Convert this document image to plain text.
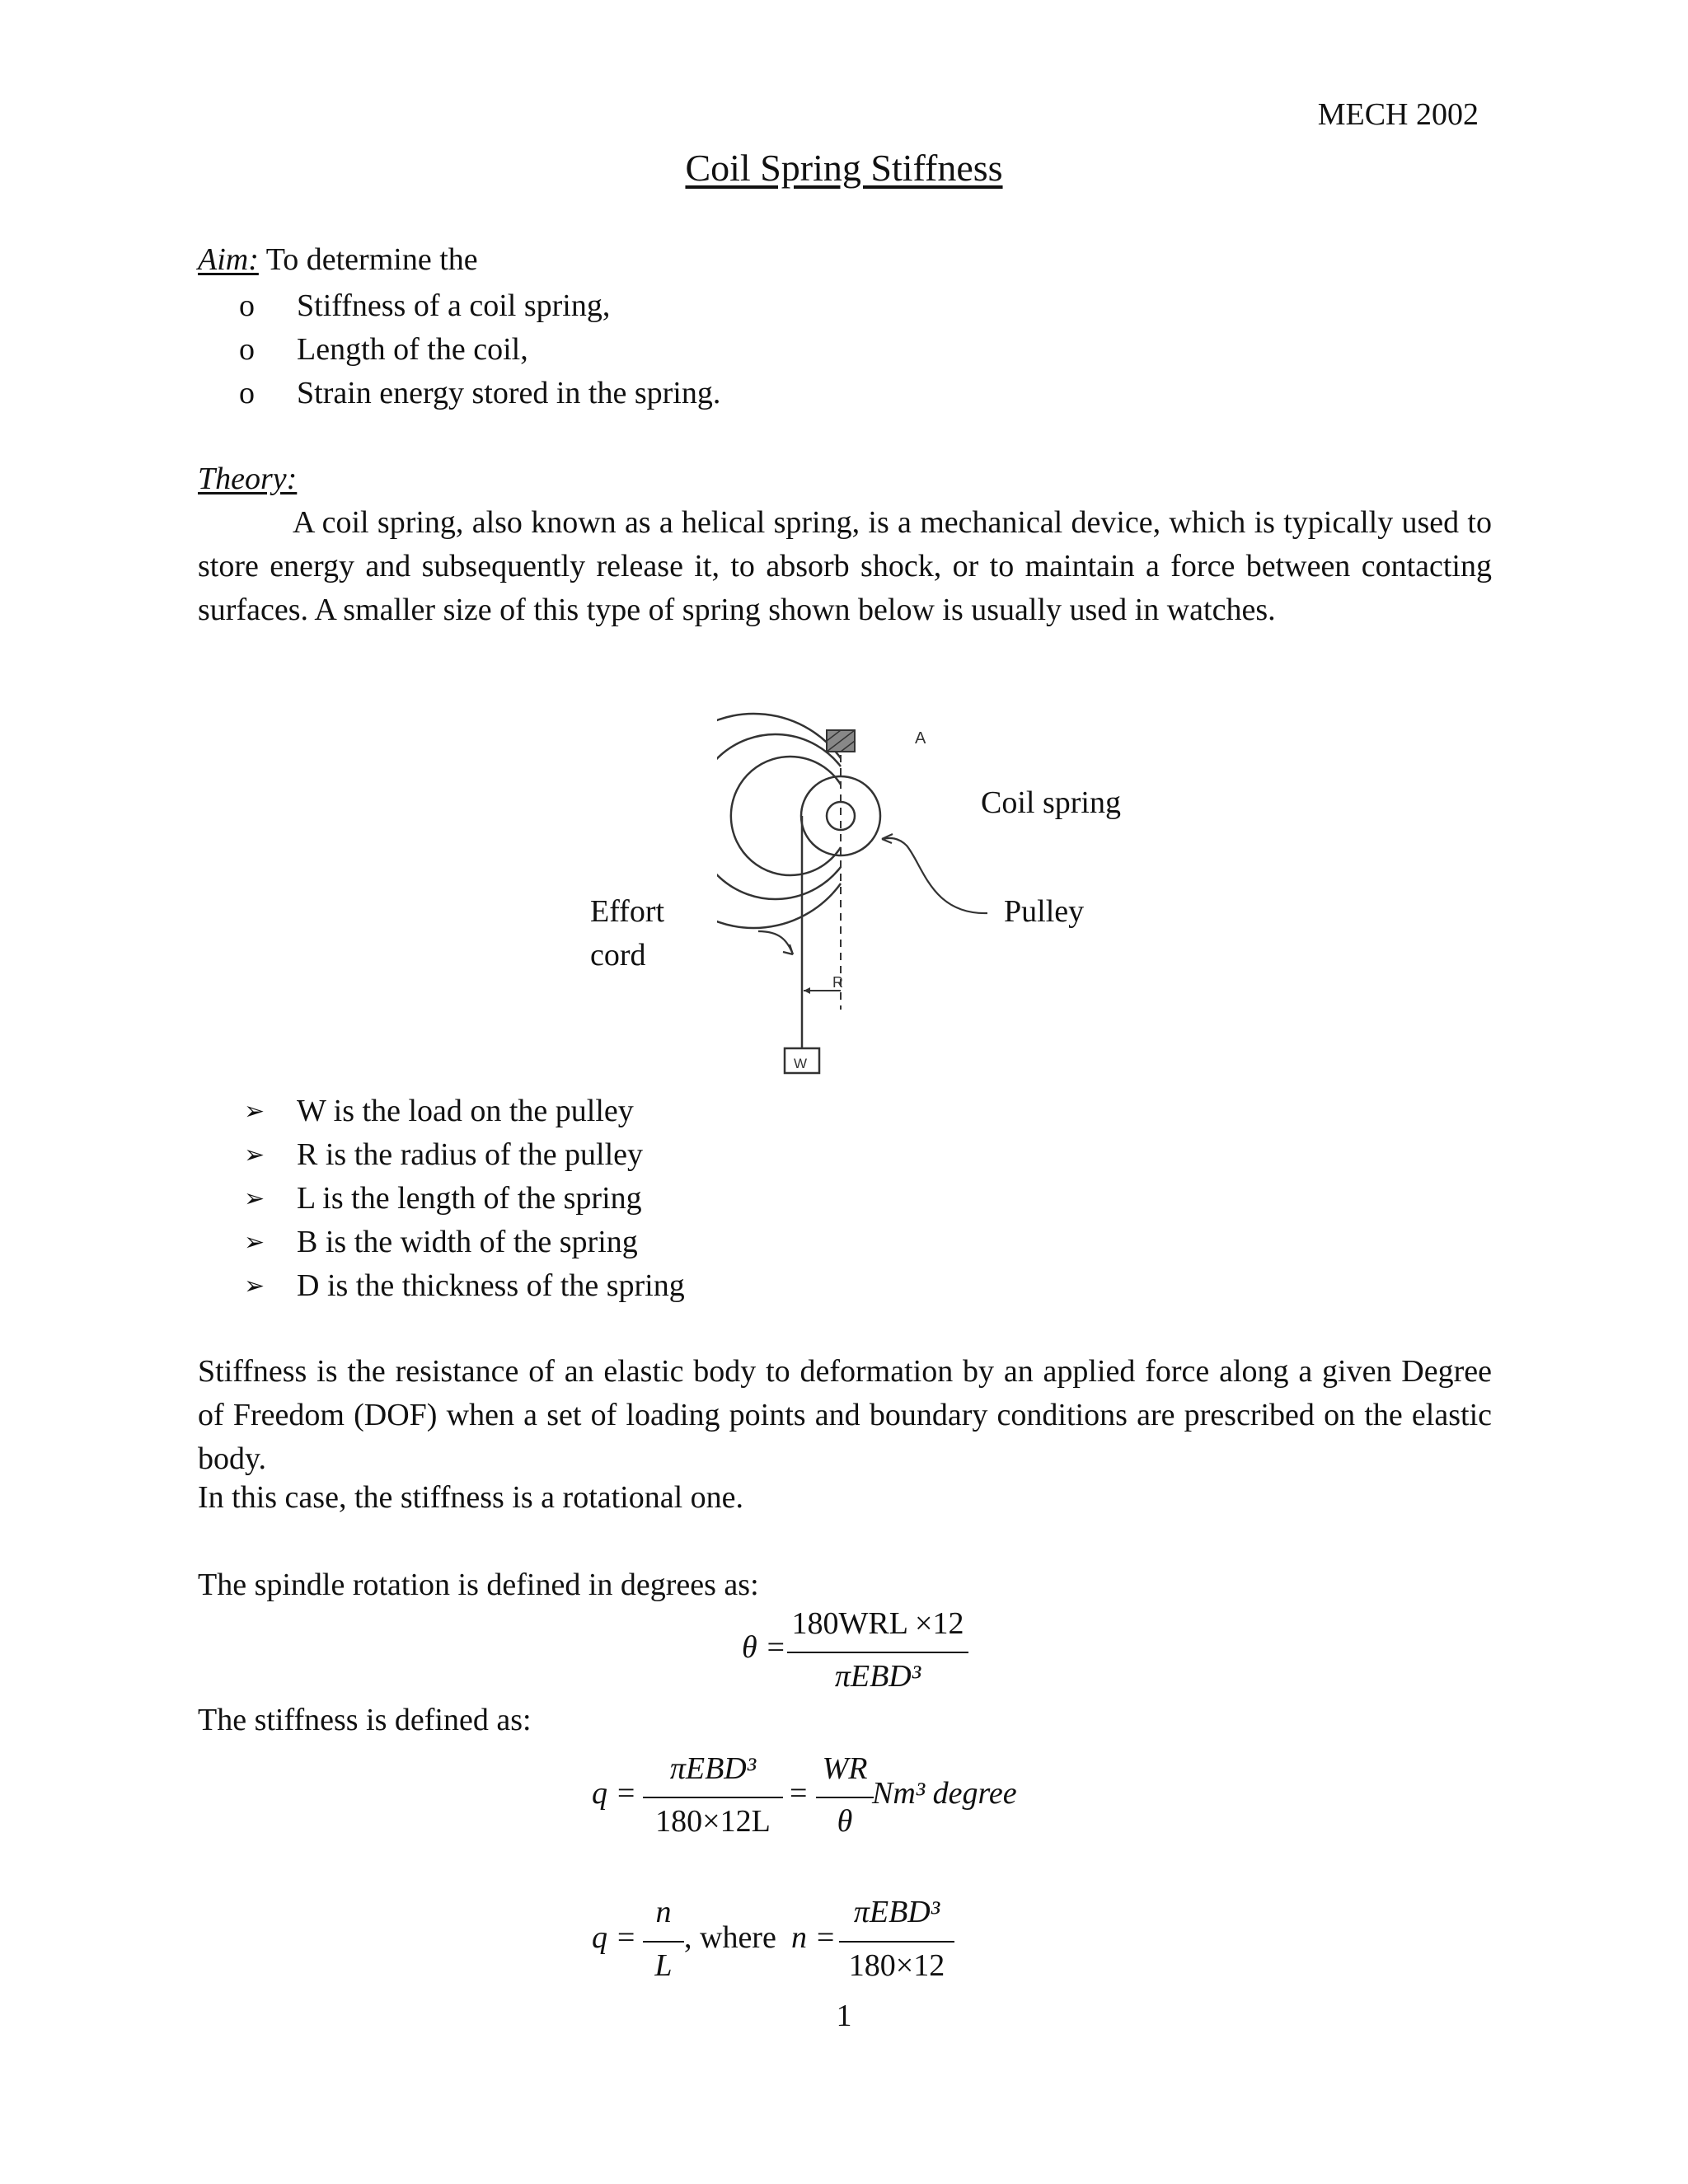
MECH 2002
Coil Spring Stiffness
Aim: To determine the
o Stiffness of a coil spring,
o Length of the coil,
o Strain energy stored in the spring.
Theory:

A coil spring, also known as a helical spring, is a mechanical device, which is typically used to store energy and subsequently release it, to absorb shock, or to maintain a force between contacting surfaces. A smaller size of this type of spring shown below is usually used in watches.

A
R
W
Coil spring
Pulley
Effort
cord
➢ W is the load on the pulley
➢ R is the radius of the pulley
➢ L is the length of the spring
➢ B is the width of the spring
➢ D is the thickness of the spring

Stiffness is the resistance of an elastic body to deformation by an applied force along a given Degree of Freedom (DOF) when a set of loading points and boundary conditions are prescribed on the elastic body.

In this case, the stiffness is a rotational one.
The spindle rotation is defined in degrees as:
θ =
180WRL ×12
πEBD³
The stiffness is defined as:
q =
πEBD³
180×12L
=
WR
θ
Nm³ degree
q =
n
L
, where n =
πEBD³
180×12
1
